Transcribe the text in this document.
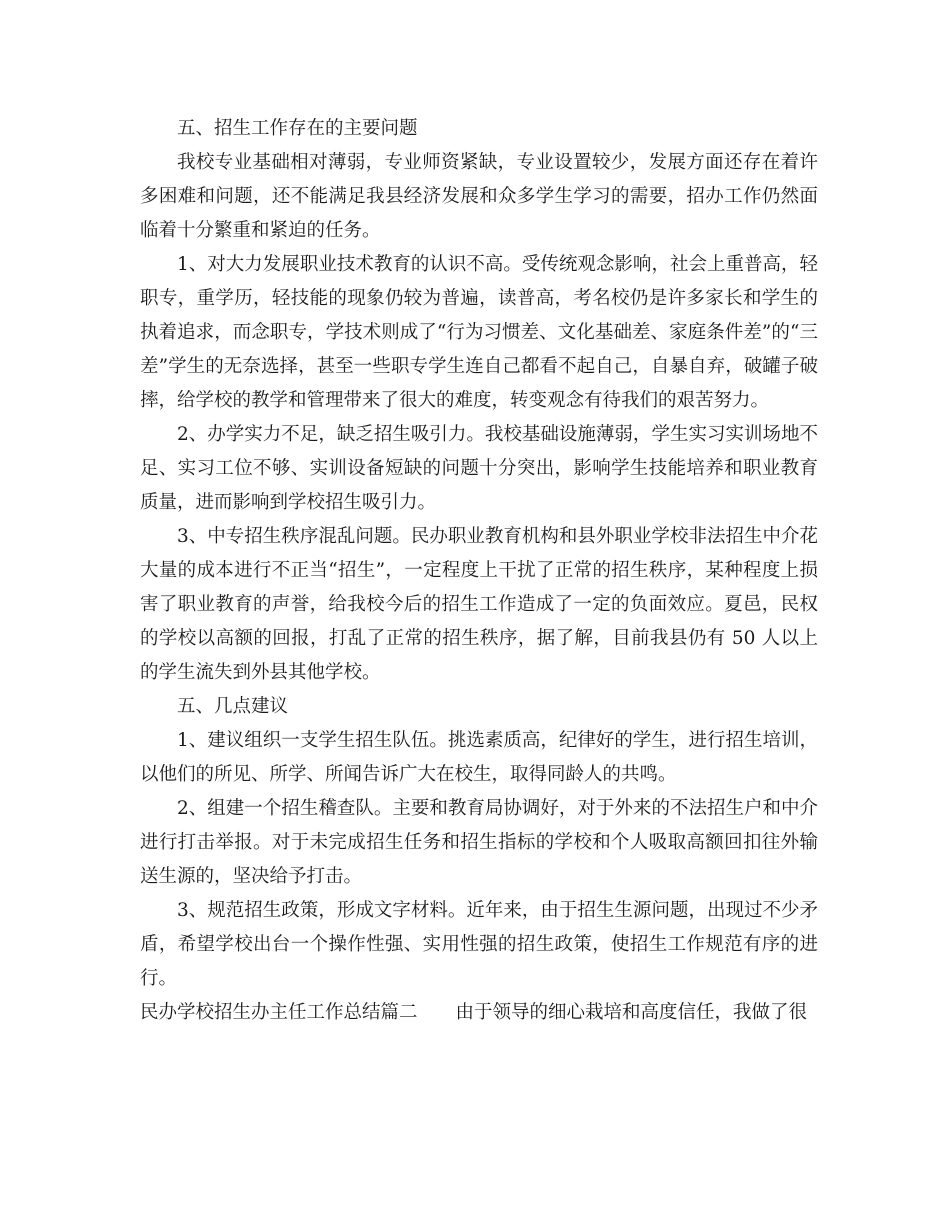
五、招生工作存在的主要问题

我校专业基础相对薄弱，专业师资紧缺，专业设置较少，发展方面还存在着许多困难和问题，还不能满足我县经济发展和众多学生学习的需要，招办工作仍然面临着十分繁重和紧迫的任务。

1、对大力发展职业技术教育的认识不高。受传统观念影响，社会上重普高，轻职专，重学历，轻技能的现象仍较为普遍，读普高，考名校仍是许多家长和学生的执着追求，而念职专，学技术则成了“行为习惯差、文化基础差、家庭条件差”的“三差”学生的无奈选择，甚至一些职专学生连自己都看不起自己，自暴自弃，破罐子破摔，给学校的教学和管理带来了很大的难度，转变观念有待我们的艰苦努力。

2、办学实力不足，缺乏招生吸引力。我校基础设施薄弱，学生实习实训场地不足、实习工位不够、实训设备短缺的问题十分突出，影响学生技能培养和职业教育质量，进而影响到学校招生吸引力。

3、中专招生秩序混乱问题。民办职业教育机构和县外职业学校非法招生中介花大量的成本进行不正当“招生”，一定程度上干扰了正常的招生秩序，某种程度上损害了职业教育的声誉，给我校今后的招生工作造成了一定的负面效应。夏邑，民权的学校以高额的回报，打乱了正常的招生秩序，据了解，目前我县仍有 50 人以上的学生流失到外县其他学校。

五、几点建议

1、建议组织一支学生招生队伍。挑选素质高，纪律好的学生，进行招生培训，以他们的所见、所学、所闻告诉广大在校生，取得同龄人的共鸣。

2、组建一个招生稽查队。主要和教育局协调好，对于外来的不法招生户和中介进行打击举报。对于未完成招生任务和招生指标的学校和个人吸取高额回扣往外输送生源的，坚决给予打击。

3、规范招生政策，形成文字材料。近年来，由于招生生源问题，出现过不少矛盾，希望学校出台一个操作性强、实用性强的招生政策，使招生工作规范有序的进行。

民办学校招生办主任工作总结篇二 由于领导的细心栽培和高度信任，我做了很
